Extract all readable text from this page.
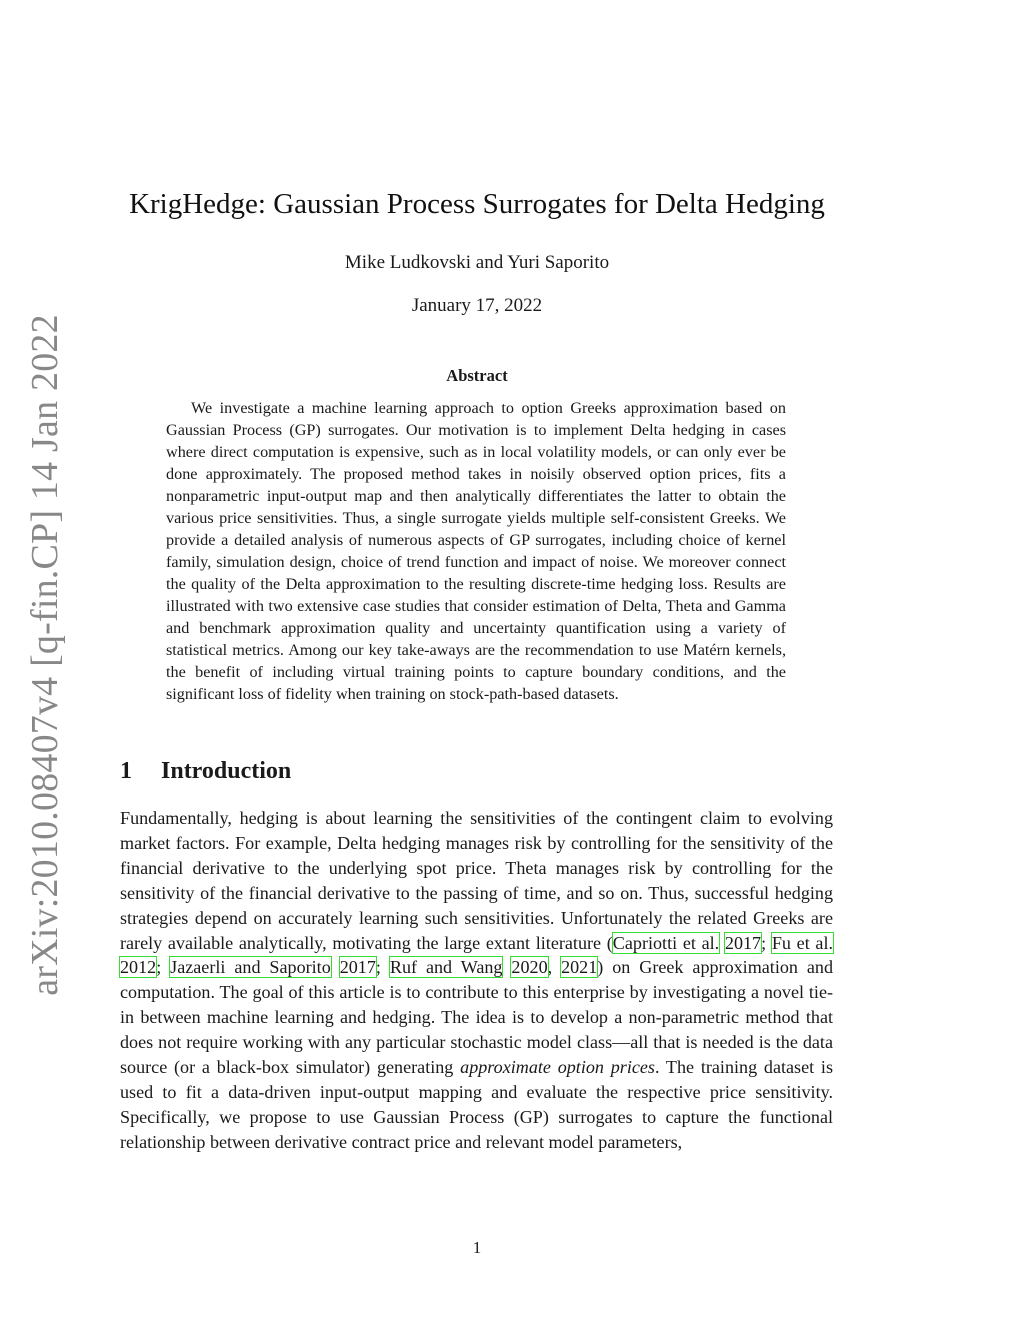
arXiv:2010.08407v4 [q-fin.CP] 14 Jan 2022
KrigHedge: Gaussian Process Surrogates for Delta Hedging
Mike Ludkovski and Yuri Saporito
January 17, 2022
Abstract

We investigate a machine learning approach to option Greeks approximation based on Gaussian Process (GP) surrogates. Our motivation is to implement Delta hedging in cases where direct computation is expensive, such as in local volatility models, or can only ever be done approximately. The proposed method takes in noisily observed option prices, fits a nonparametric input-output map and then analytically differentiates the latter to obtain the various price sensitivities. Thus, a single surrogate yields multiple self-consistent Greeks. We provide a detailed analysis of numerous aspects of GP surrogates, including choice of kernel family, simulation design, choice of trend function and impact of noise. We moreover connect the quality of the Delta approximation to the resulting discrete-time hedging loss. Results are illustrated with two extensive case studies that consider estimation of Delta, Theta and Gamma and benchmark approximation quality and uncertainty quantification using a variety of statistical metrics. Among our key take-aways are the recommendation to use Matérn kernels, the benefit of including virtual training points to capture boundary conditions, and the significant loss of fidelity when training on stock-path-based datasets.

1 Introduction

Fundamentally, hedging is about learning the sensitivities of the contingent claim to evolving market factors. For example, Delta hedging manages risk by controlling for the sensitivity of the financial derivative to the underlying spot price. Theta manages risk by controlling for the sensitivity of the financial derivative to the passing of time, and so on. Thus, successful hedging strategies depend on accurately learning such sensitivities. Unfortunately the related Greeks are rarely available analytically, motivating the large extant literature (Capriotti et al. 2017; Fu et al. 2012; Jazaerli and Saporito 2017; Ruf and Wang 2020, 2021) on Greek approximation and computation. The goal of this article is to contribute to this enterprise by investigating a novel tie-in between machine learning and hedging. The idea is to develop a non-parametric method that does not require working with any particular stochastic model class—all that is needed is the data source (or a black-box simulator) generating approximate option prices. The training dataset is used to fit a data-driven input-output mapping and evaluate the respective price sensitivity. Specifically, we propose to use Gaussian Process (GP) surrogates to capture the functional relationship between derivative contract price and relevant model parameters,

1
